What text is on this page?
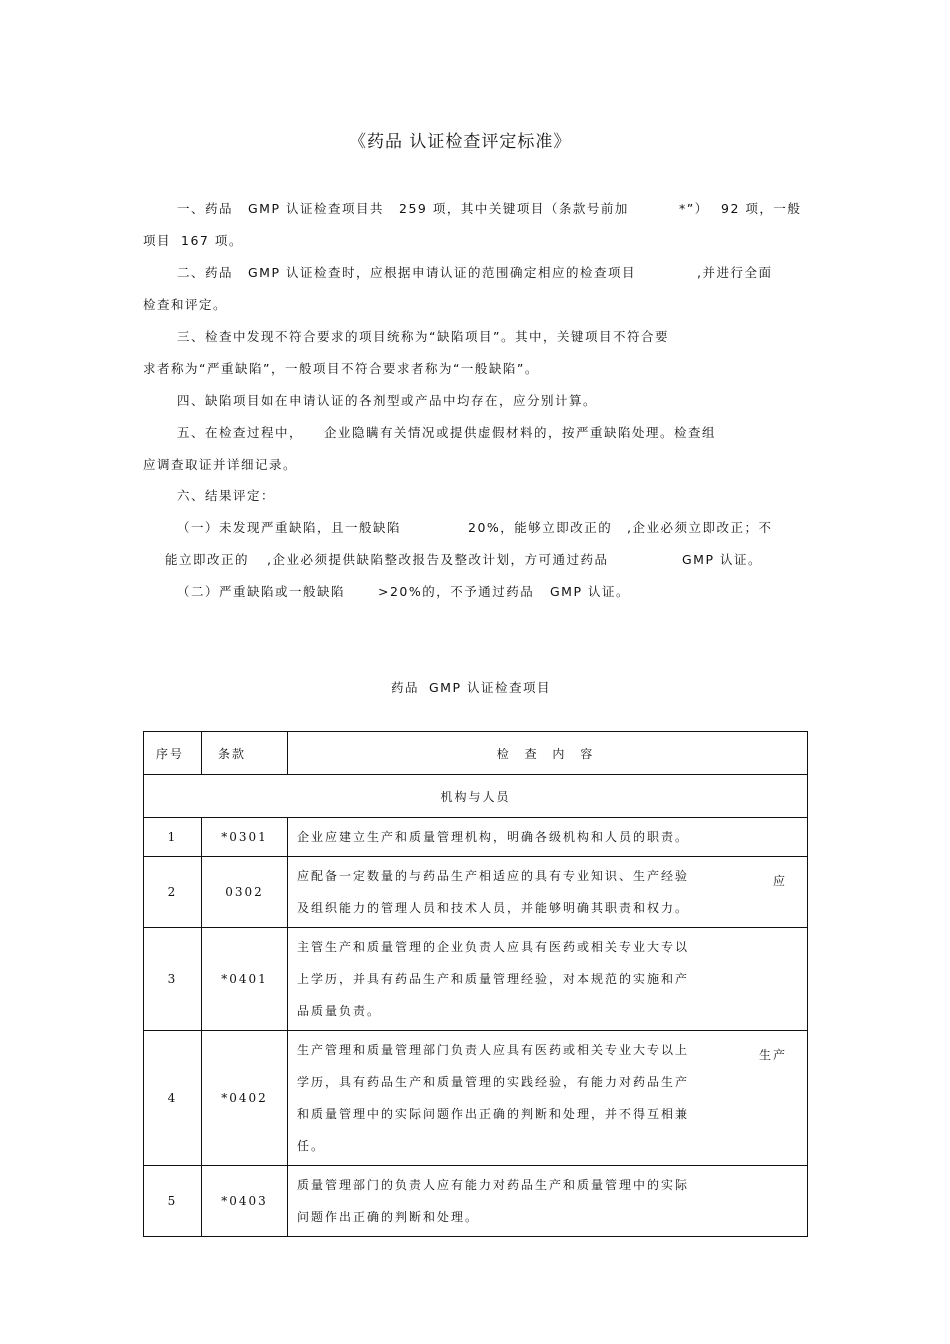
《药品 认证检查评定标准》
一、药品 GMP 认证检查项目共 259 项，其中关键项目（条款号前加	*”） 92 项，一般
项目 167 项。
二、药品 GMP 认证检查时，应根据申请认证的范围确定相应的检查项目	,并进行全面
检查和评定。
三、检查中发现不符合要求的项目统称为“缺陷项目”。其中，关键项目不符合要
求者称为“严重缺陷”，一般项目不符合要求者称为“一般缺陷”。
四、缺陷项目如在申请认证的各剂型或产品中均存在，应分别计算。
五、在检查过程中， 企业隐瞒有关情况或提供虚假材料的，按严重缺陷处理。检查组
应调查取证并详细记录。
六、结果评定：
（一）未发现严重缺陷，且一般缺陷	20%，能够立即改正的 ,企业必须立即改正；不
能立即改正的 ,企业必须提供缺陷整改报告及整改计划，方可通过药品	GMP 认证。
（二）严重缺陷或一般缺陷	>20%的，不予通过药品 GMP 认证。
药品 GMP 认证检查项目
序号	条款	检 查 内 容
机构与人员		
1	*0301	企业应建立生产和质量管理机构，明确各级机构和人员的职责。

2	0302	应配备一定数量的与药品生产相适应的具有专业知识、生产经验
及组织能力的管理人员和技术人员，并能够明确其职责和权力。
应

3	*0401	主管生产和质量管理的企业负责人应具有医药或相关专业大专以
上学历，并具有药品生产和质量管理经验，对本规范的实施和产
品质量负责。

4	*0402	生产管理和质量管理部门负责人应具有医药或相关专业大专以上
学历，具有药品生产和质量管理的实践经验，有能力对药品生产
和质量管理中的实际问题作出正确的判断和处理，并不得互相兼
任。
生产

5	*0403	质量管理部门的负责人应有能力对药品生产和质量管理中的实际
问题作出正确的判断和处理。
